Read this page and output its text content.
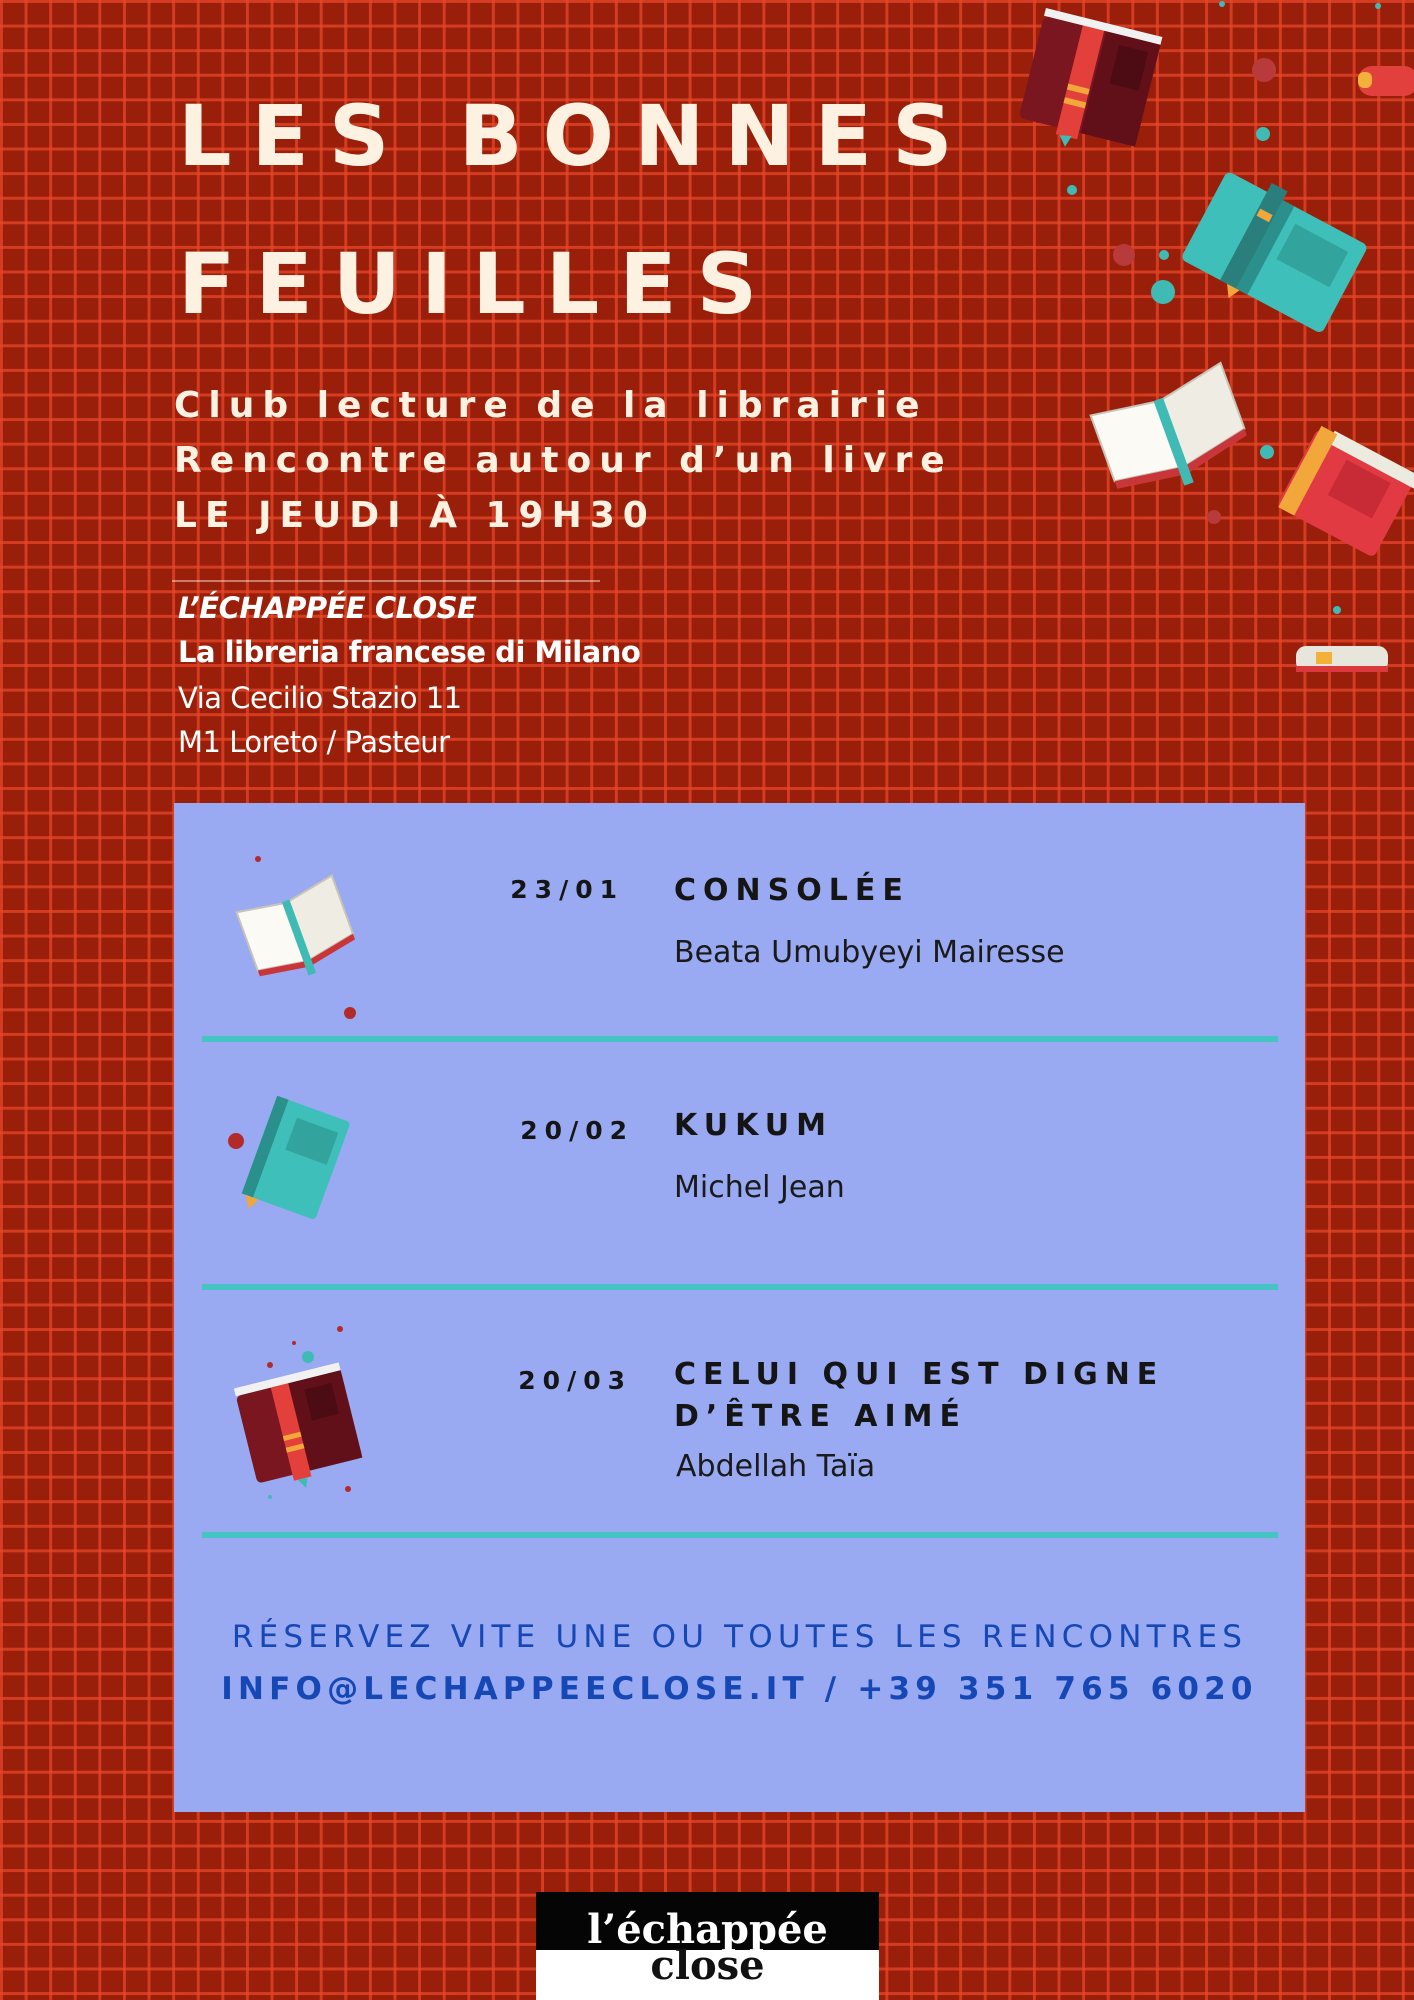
LES BONNES
FEUILLES
Club lecture de la librairie
Rencontre autour d’un livre
LE JEUDI À 19H30
L’ÉCHAPPÉE CLOSE
La libreria francese di Milano
Via Cecilio Stazio 11
M1 Loreto / Pasteur
23/01 CONSOLÉE
Beata Umubyeyi Mairesse
20/02 KUKUM
Michel Jean
20/03 CELUI QUI EST DIGNE
D’ÊTRE AIMÉ
Abdellah Taïa
RÉSERVEZ VITE UNE OU TOUTES LES RENCONTRES
INFO@LECHAPPEECLOSE.IT / +39 351 765 6020
l’échappée
close
